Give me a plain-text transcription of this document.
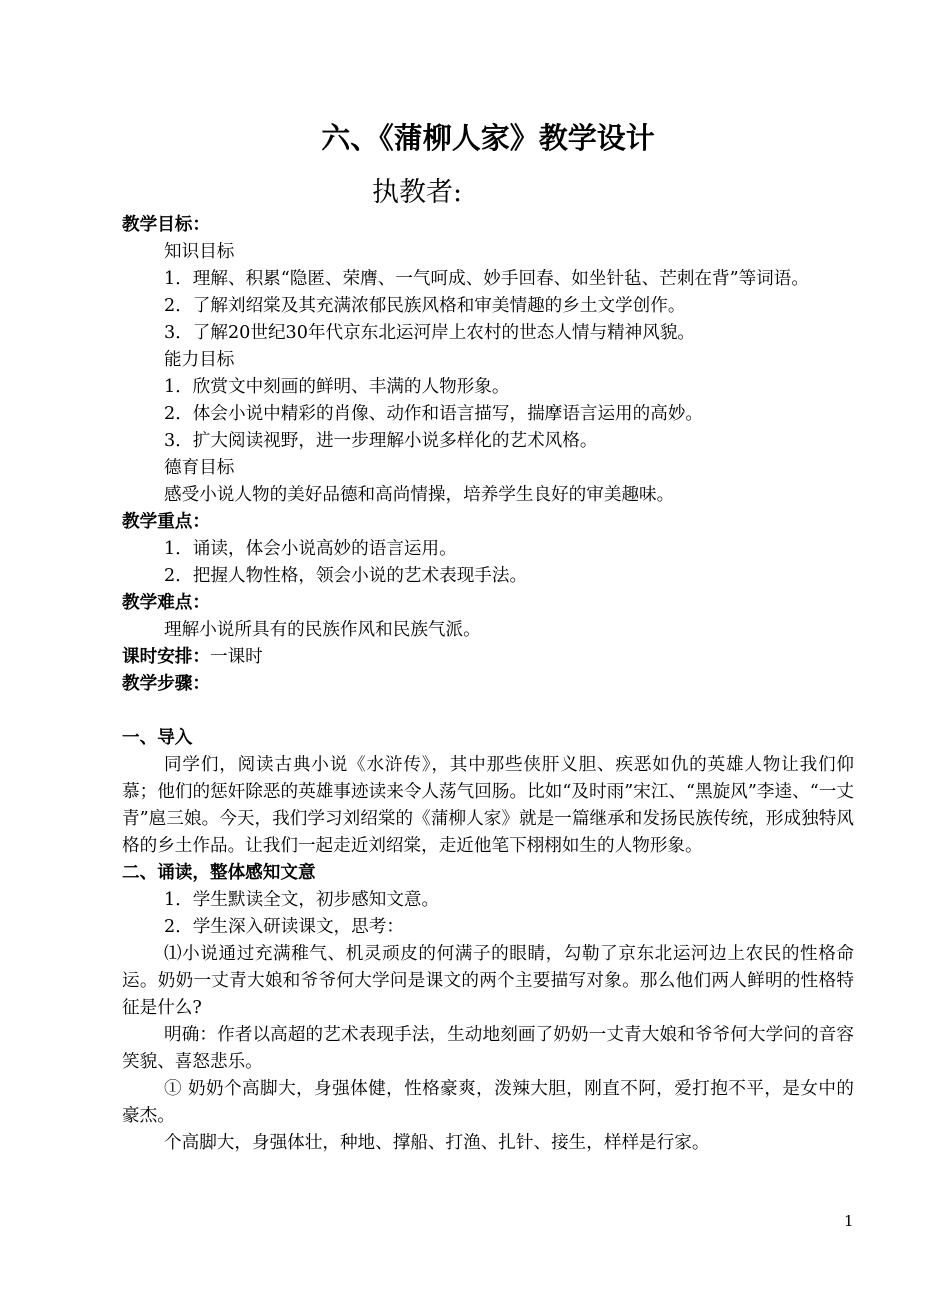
六、《蒲柳人家》教学设计
执教者:

教学目标：

知识目标

1．理解、积累“隐匿、荣膺、一气呵成、妙手回春、如坐针毡、芒刺在背”等词语。

2．了解刘绍棠及其充满浓郁民族风格和审美情趣的乡土文学创作。

3．了解20世纪30年代京东北运河岸上农村的世态人情与精神风貌。

能力目标

1．欣赏文中刻画的鲜明、丰满的人物形象。

2．体会小说中精彩的肖像、动作和语言描写，揣摩语言运用的高妙。

3．扩大阅读视野，进一步理解小说多样化的艺术风格。

德育目标

感受小说人物的美好品德和高尚情操，培养学生良好的审美趣味。

教学重点：

1．诵读，体会小说高妙的语言运用。

2．把握人物性格，领会小说的艺术表现手法。

教学难点：

理解小说所具有的民族作风和民族气派。

课时安排：一课时

教学步骤：

一、导入

同学们，阅读古典小说《水浒传》，其中那些侠肝义胆、疾恶如仇的英雄人物让我们仰慕；他们的惩奸除恶的英雄事迹读来令人荡气回肠。比如“及时雨”宋江、“黑旋风”李逵、“一丈青”扈三娘。今天，我们学习刘绍棠的《蒲柳人家》就是一篇继承和发扬民族传统，形成独特风格的乡土作品。让我们一起走近刘绍棠，走近他笔下栩栩如生的人物形象。

二、诵读，整体感知文意

1．学生默读全文，初步感知文意。

2．学生深入研读课文，思考：

⑴小说通过充满稚气、机灵顽皮的何满子的眼睛，勾勒了京东北运河边上农民的性格命运。奶奶一丈青大娘和爷爷何大学问是课文的两个主要描写对象。那么他们两人鲜明的性格特征是什么?

明确：作者以高超的艺术表现手法，生动地刻画了奶奶一丈青大娘和爷爷何大学问的音容笑貌、喜怒悲乐。

① 奶奶个高脚大，身强体健，性格豪爽，泼辣大胆，刚直不阿，爱打抱不平，是女中的豪杰。

个高脚大，身强体壮，种地、撑船、打渔、扎针、接生，样样是行家。

1
